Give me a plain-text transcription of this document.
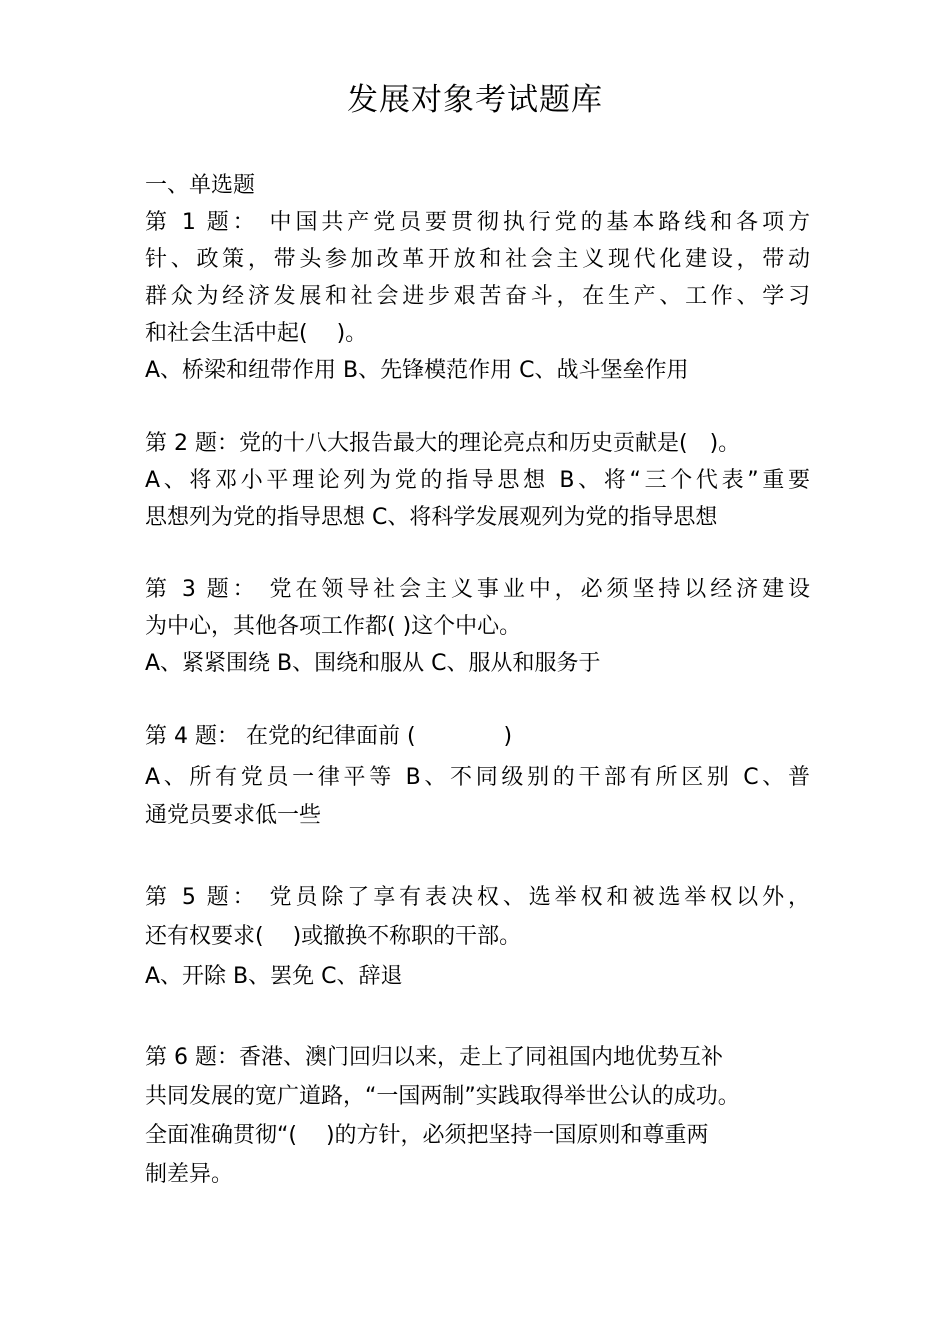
发展对象考试题库
一、单选题
第 1 题： 中国共产党员要贯彻执行党的基本路线和各项方
针、政策，带头参加改革开放和社会主义现代化建设，带动
群众为经济发展和社会进步艰苦奋斗，在生产、工作、学习
和社会生活中起(　 )。
A、桥梁和纽带作用 B、先锋模范作用 C、战斗堡垒作用
第 2 题：党的十八大报告最大的理论亮点和历史贡献是(　)。
A、将邓小平理论列为党的指导思想 B、将“三个代表”重要
思想列为党的指导思想 C、将科学发展观列为党的指导思想
第 3 题： 党在领导社会主义事业中，必须坚持以经济建设
为中心，其他各项工作都( )这个中心。
A、紧紧围绕 B、围绕和服从 C、服从和服务于
第 4 题： 在党的纪律面前 (　　　　)
A、所有党员一律平等 B、不同级别的干部有所区别 C、普
通党员要求低一些
第 5 题： 党员除了享有表决权、选举权和被选举权以外，
还有权要求(　 )或撤换不称职的干部。
A、开除 B、罢免 C、辞退
第 6 题：香港、澳门回归以来，走上了同祖国内地优势互补
共同发展的宽广道路，“一国两制”实践取得举世公认的成功。
全面准确贯彻“(　 )的方针，必须把坚持一国原则和尊重两
制差异。
